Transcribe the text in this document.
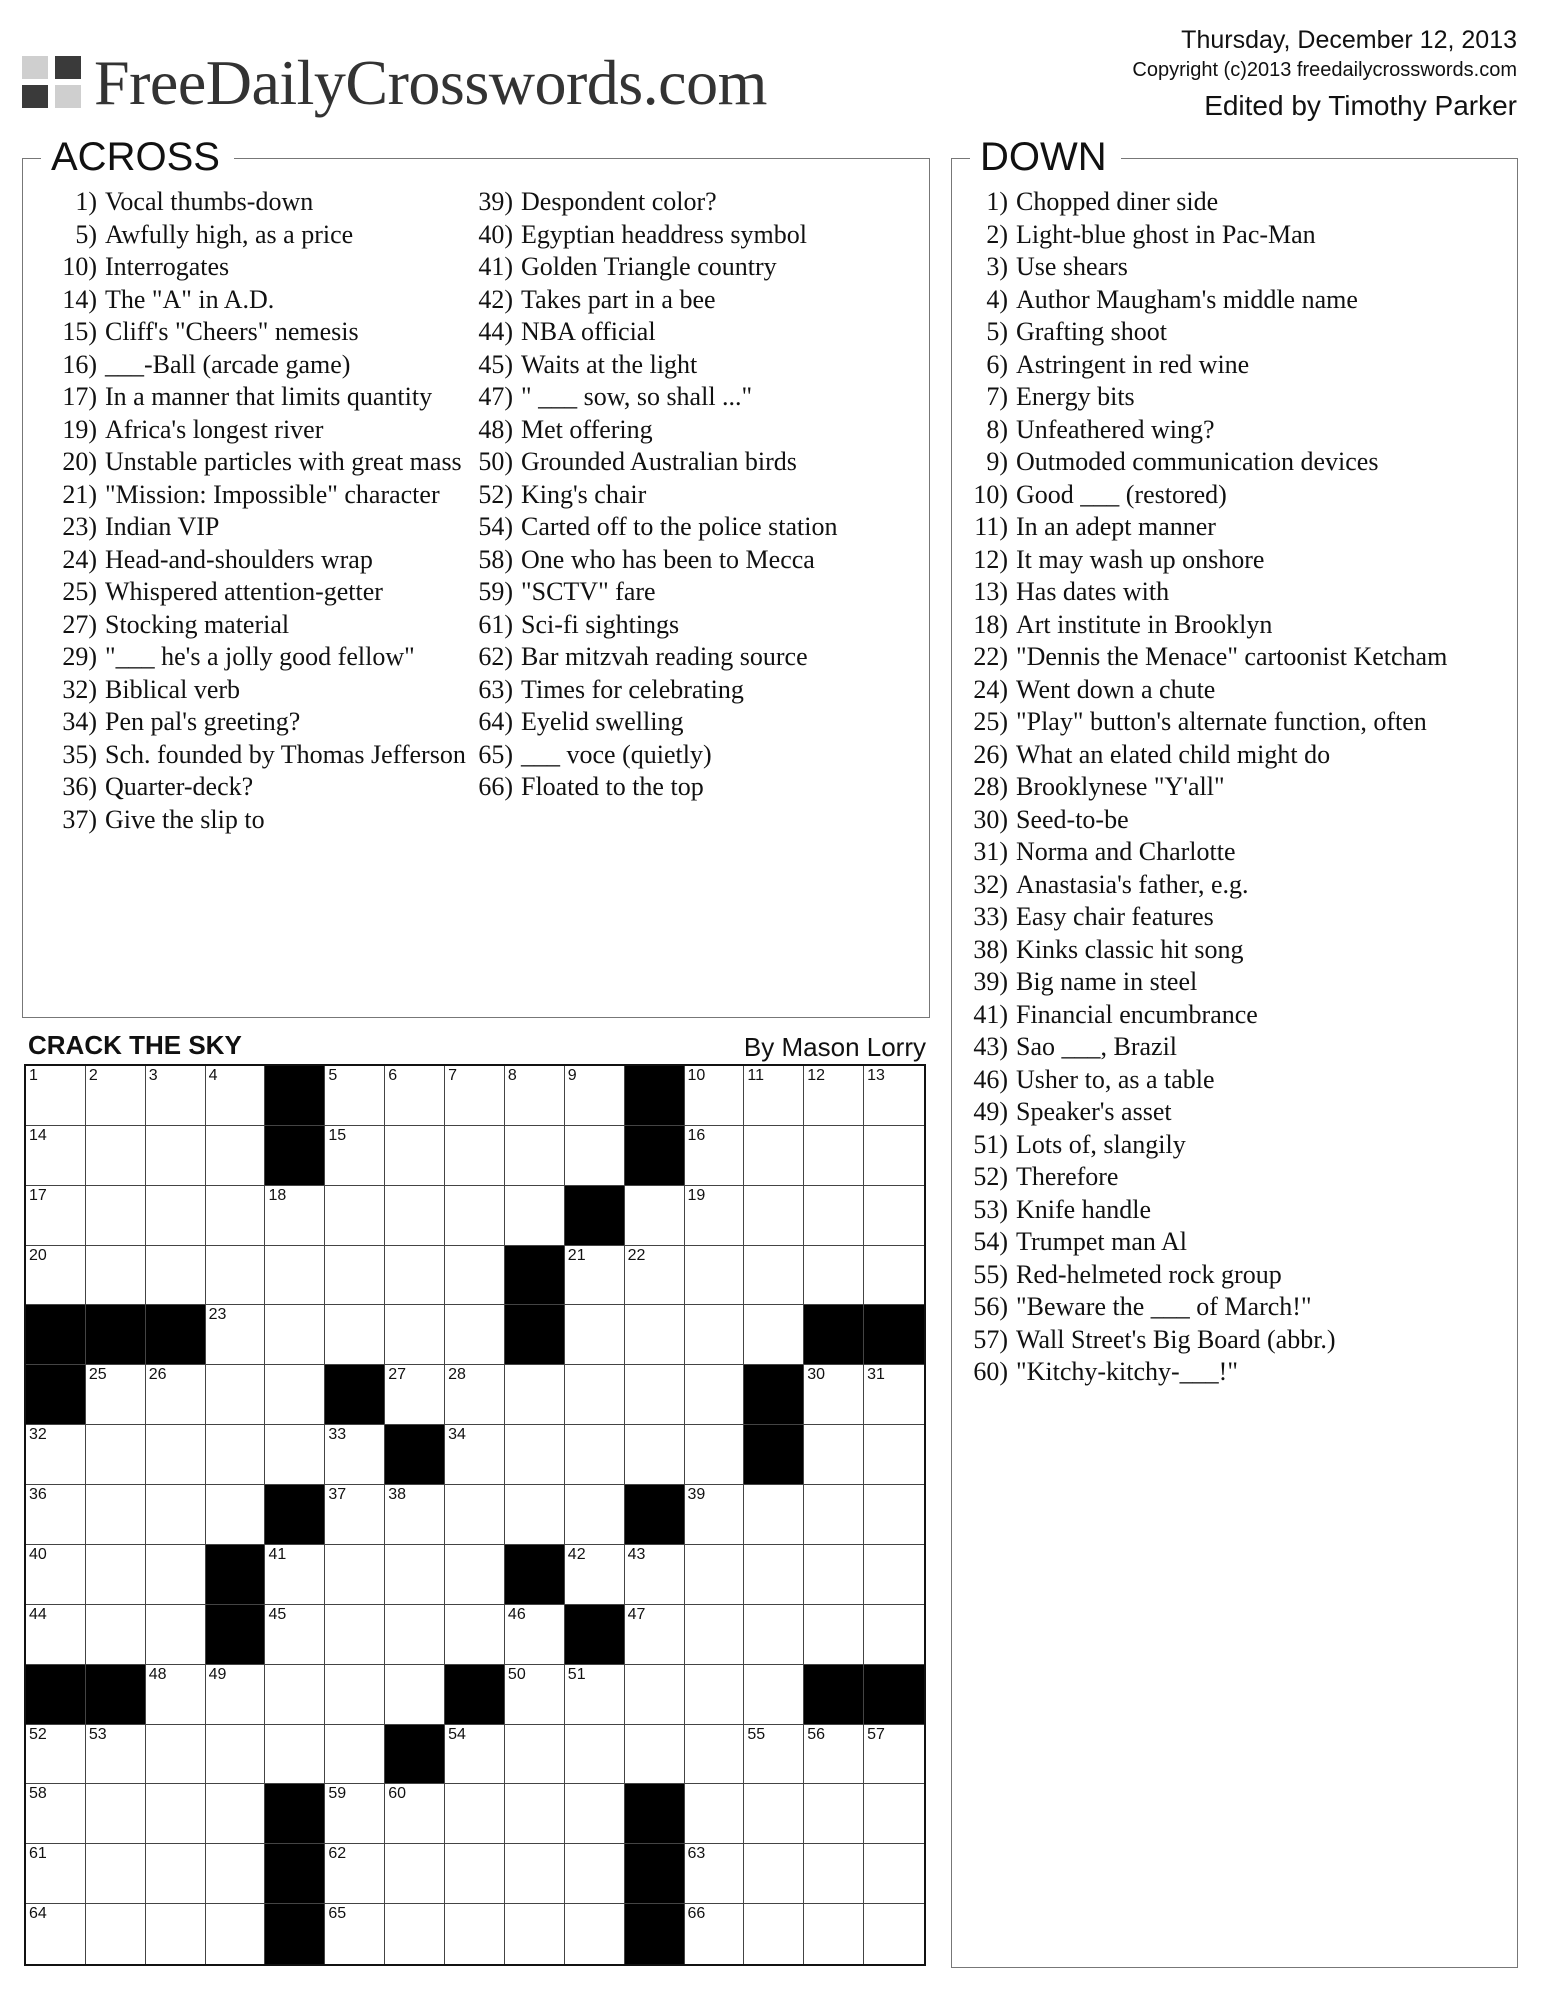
FreeDailyCrosswords.com
Thursday, December 12, 2013
Copyright (c)2013 freedailycrosswords.com
Edited by Timothy Parker
ACROSS
1) Vocal thumbs-down
5) Awfully high, as a price
10) Interrogates
14) The "A" in A.D.
15) Cliff's "Cheers" nemesis
16) ___-Ball (arcade game)
17) In a manner that limits quantity
19) Africa's longest river
20) Unstable particles with great mass
21) "Mission: Impossible" character
23) Indian VIP
24) Head-and-shoulders wrap
25) Whispered attention-getter
27) Stocking material
29) "___ he's a jolly good fellow"
32) Biblical verb
34) Pen pal's greeting?
35) Sch. founded by Thomas Jefferson
36) Quarter-deck?
37) Give the slip to
39) Despondent color?
40) Egyptian headdress symbol
41) Golden Triangle country
42) Takes part in a bee
44) NBA official
45) Waits at the light
47) " ___ sow, so shall ..."
48) Met offering
50) Grounded Australian birds
52) King's chair
54) Carted off to the police station
58) One who has been to Mecca
59) "SCTV" fare
61) Sci-fi sightings
62) Bar mitzvah reading source
63) Times for celebrating
64) Eyelid swelling
65) ___ voce (quietly)
66) Floated to the top
DOWN
1) Chopped diner side
2) Light-blue ghost in Pac-Man
3) Use shears
4) Author Maugham's middle name
5) Grafting shoot
6) Astringent in red wine
7) Energy bits
8) Unfeathered wing?
9) Outmoded communication devices
10) Good ___ (restored)
11) In an adept manner
12) It may wash up onshore
13) Has dates with
18) Art institute in Brooklyn
22) "Dennis the Menace" cartoonist Ketcham
24) Went down a chute
25) "Play" button's alternate function, often
26) What an elated child might do
28) Brooklynese "Y'all"
30) Seed-to-be
31) Norma and Charlotte
32) Anastasia's father, e.g.
33) Easy chair features
38) Kinks classic hit song
39) Big name in steel
41) Financial encumbrance
43) Sao ___, Brazil
46) Usher to, as a table
49) Speaker's asset
51) Lots of, slangily
52) Therefore
53) Knife handle
54) Trumpet man Al
55) Red-helmeted rock group
56) "Beware the ___ of March!"
57) Wall Street's Big Board (abbr.)
60) "Kitchy-kitchy-___!"
CRACK THE SKY	By Mason Lorry
1	2	3	4	5	6	7	8	9	10	11	12	13
14	15	16
17	18	19
20	21	22
23
25	26	27	28	30	31
32	33	34
36	37	38	39
40	41	42	43
44	45	46	47
48	49	50	51
52	53	54	55	56	57
58	59	60
61	62	63
64	65	66
